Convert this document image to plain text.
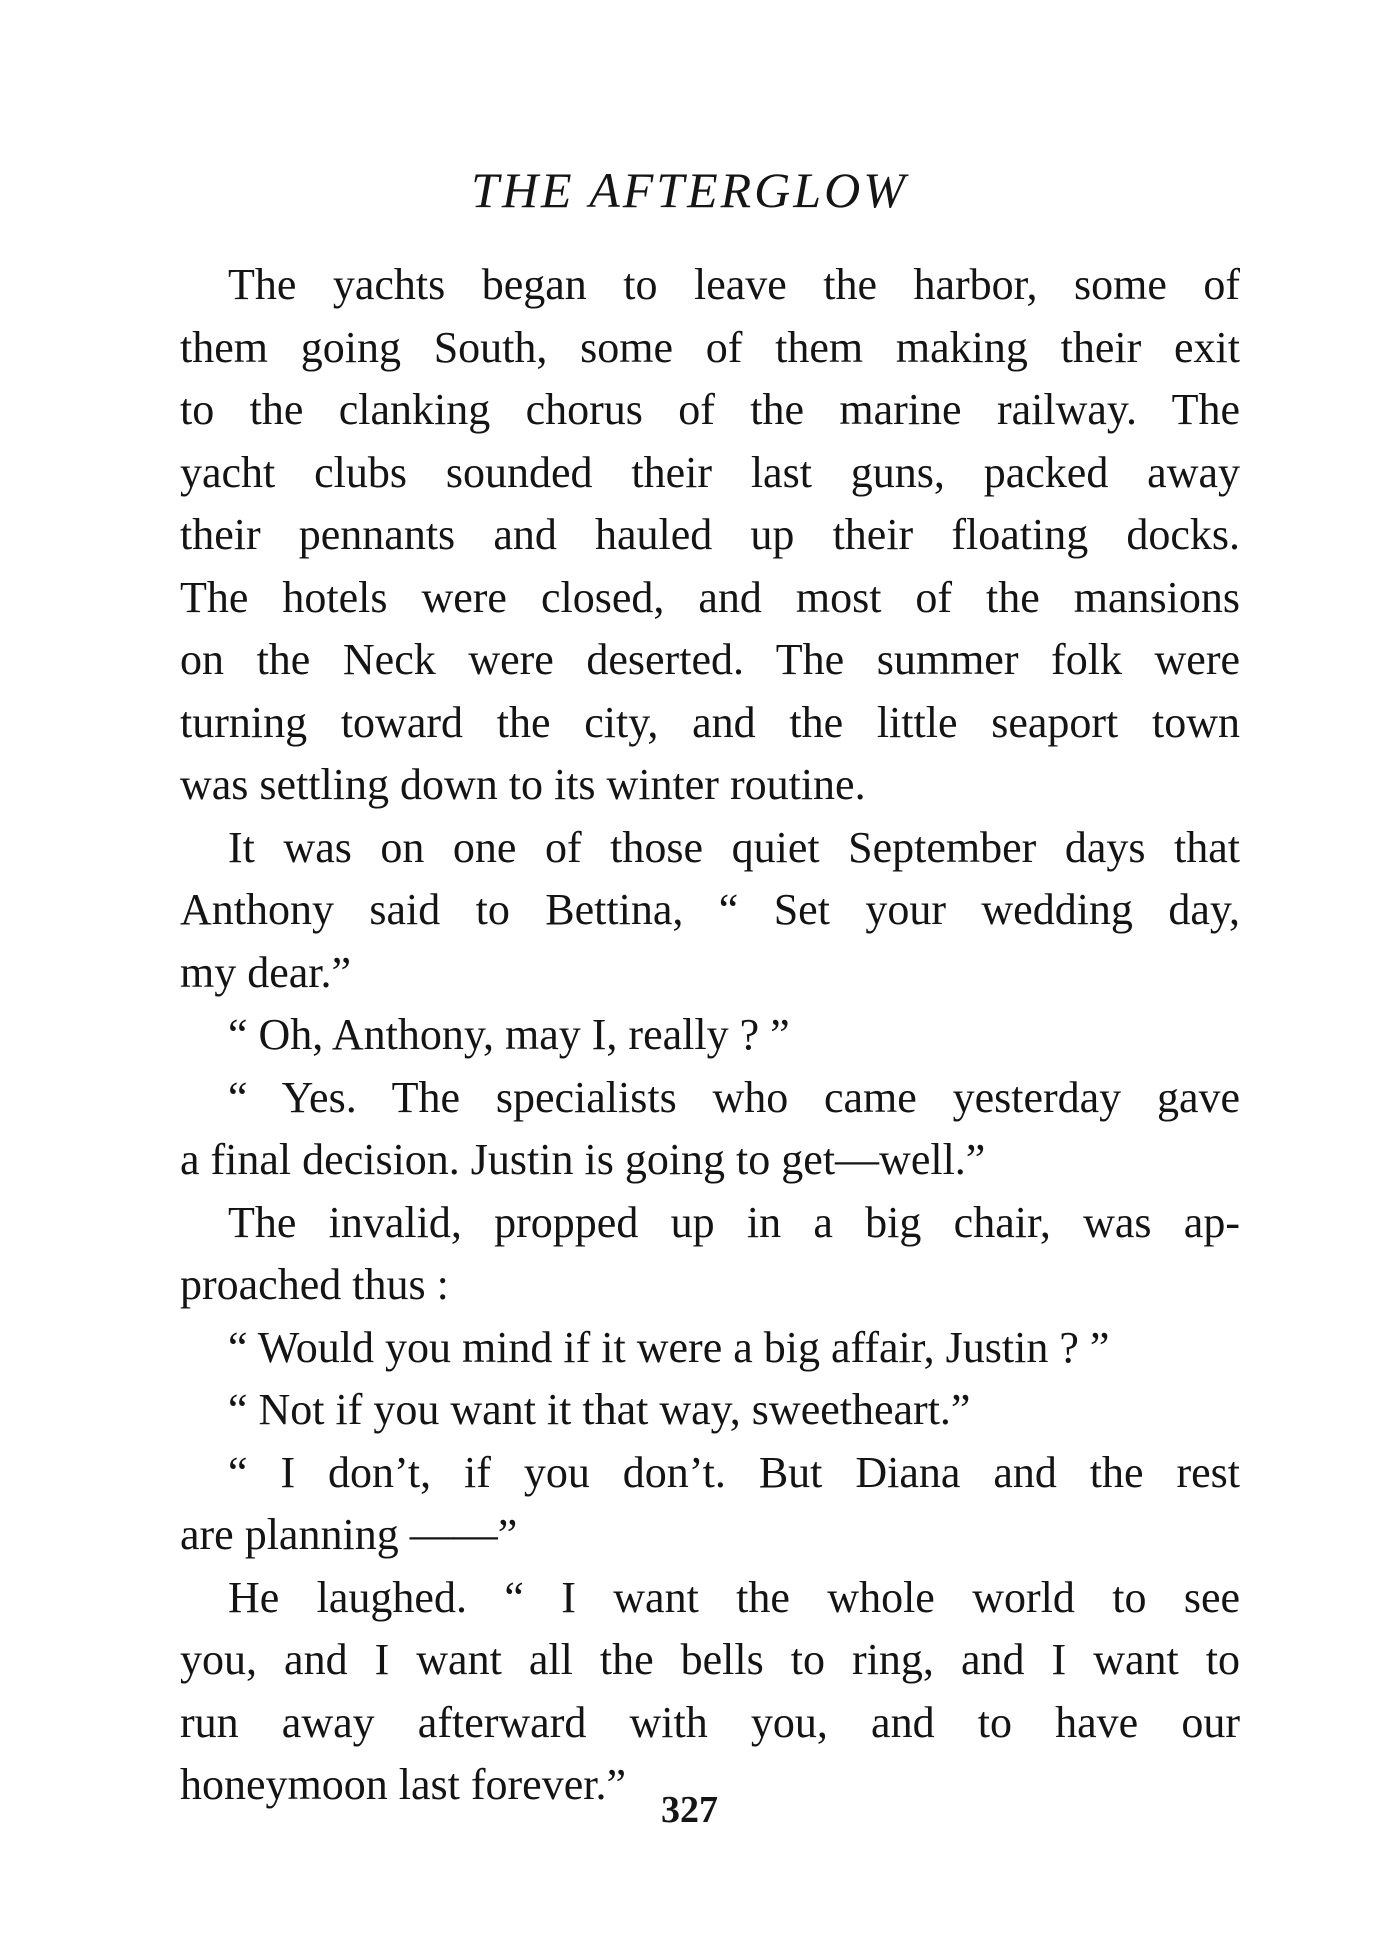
THE AFTERGLOW
The yachts began to leave the harbor, some of
them going South, some of them making their exit
to the clanking chorus of the marine railway. The
yacht clubs sounded their last guns, packed away
their pennants and hauled up their floating docks.
The hotels were closed, and most of the mansions
on the Neck were deserted. The summer folk were
turning toward the city, and the little seaport town
was settling down to its winter routine.
It was on one of those quiet September days that
Anthony said to Bettina, “ Set your wedding day,
my dear.”
“ Oh, Anthony, may I, really ? ”
“ Yes. The specialists who came yesterday gave
a final decision. Justin is going to get—well.”
The invalid, propped up in a big chair, was ap-
proached thus :
“ Would you mind if it were a big affair, Justin ? ”
“ Not if you want it that way, sweetheart.”
“ I don’t, if you don’t. But Diana and the rest
are planning ——”
He laughed. “ I want the whole world to see
you, and I want all the bells to ring, and I want to
run away afterward with you, and to have our
honeymoon last forever.”
327
